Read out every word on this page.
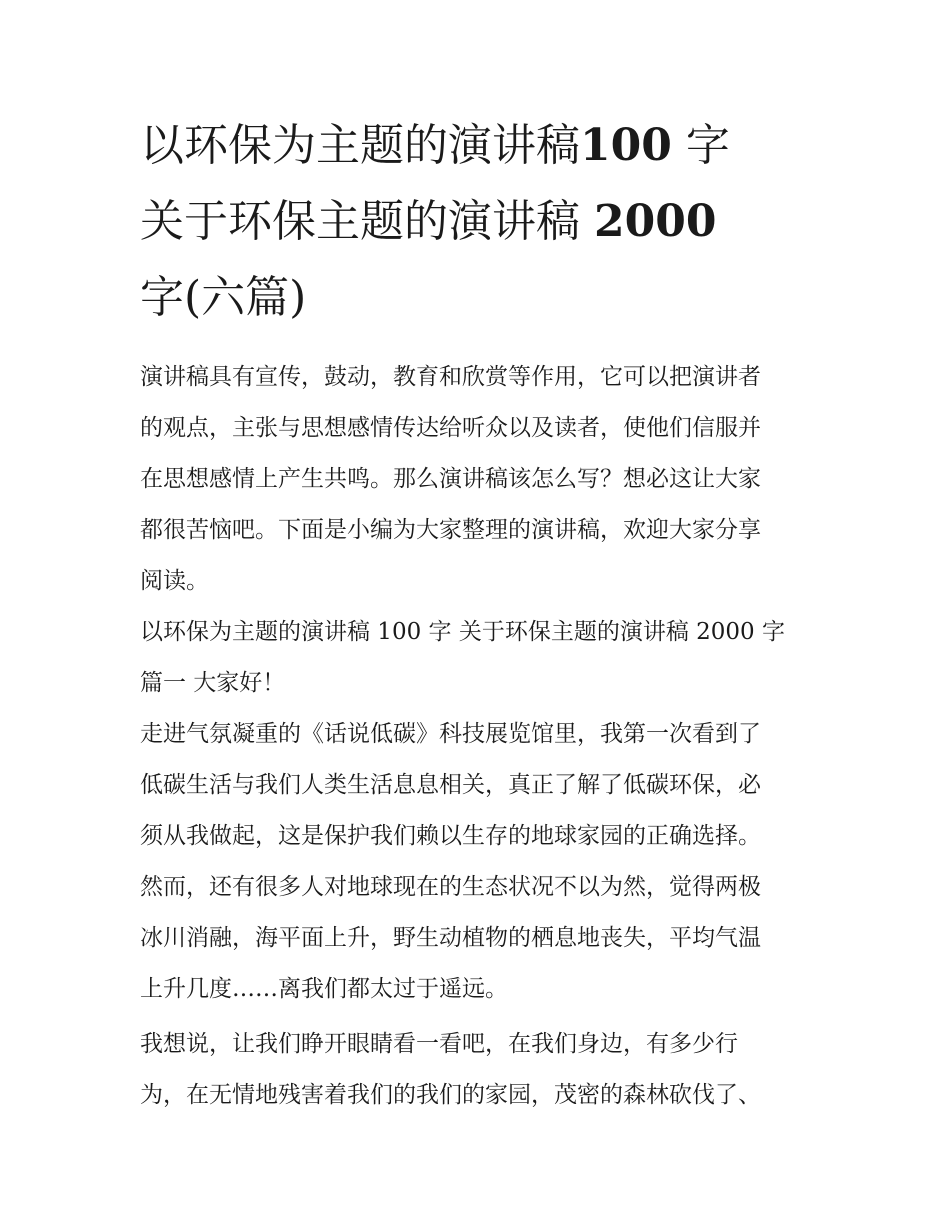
以环保为主题的演讲稿100 字
关于环保主题的演讲稿 2000
字(六篇)

演讲稿具有宣传，鼓动，教育和欣赏等作用，它可以把演讲者
的观点，主张与思想感情传达给听众以及读者，使他们信服并
在思想感情上产生共鸣。那么演讲稿该怎么写？想必这让大家
都很苦恼吧。下面是小编为大家整理的演讲稿，欢迎大家分享
阅读。

以环保为主题的演讲稿 100 字 关于环保主题的演讲稿 2000 字

篇一 大家好！

走进气氛凝重的《话说低碳》科技展览馆里，我第一次看到了
低碳生活与我们人类生活息息相关，真正了解了低碳环保，必
须从我做起，这是保护我们赖以生存的地球家园的正确选择。
然而，还有很多人对地球现在的生态状况不以为然，觉得两极
冰川消融，海平面上升，野生动植物的栖息地丧失，平均气温
上升几度……离我们都太过于遥远。

我想说，让我们睁开眼睛看一看吧，在我们身边，有多少行
为，在无情地残害着我们的我们的家园，茂密的森林砍伐了、
